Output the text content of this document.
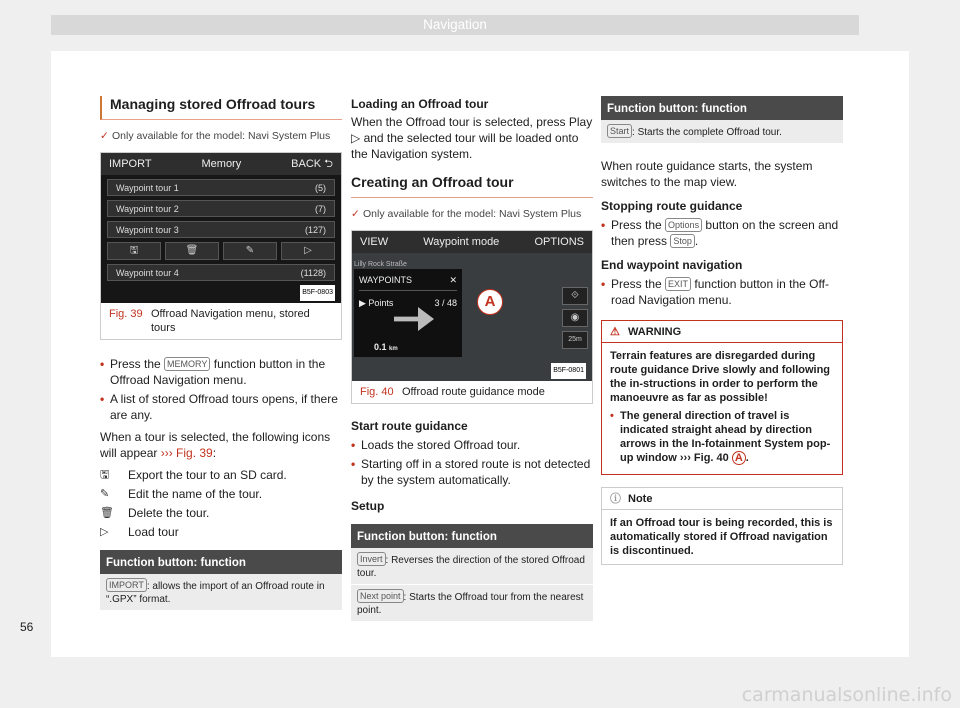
Navigation
Managing stored Offroad tours
✓ Only available for the model: Navi System Plus
IMPORT	Memory	BACK ⮌
Waypoint tour 1	(5)
Waypoint tour 2	(7)
Waypoint tour 3	(127)
🖫	🗑	✎	▷
Waypoint tour 4	(1128)
B5F-0803
Fig. 39 Offroad Navigation menu, stored tours
• Press the MEMORY function button in the Offroad Navigation menu.
• A list of stored Offroad tours opens, if there are any.

When a tour is selected, the following icons will appear ››› Fig. 39:

🖫	Export the tour to an SD card.
✎	Edit the name of the tour.
🗑	Delete the tour.
▷	Load tour
Function button: function
IMPORT : allows the import of an Offroad route in “.GPX” format.
Loading an Offroad tour

When the Offroad tour is selected, press Play ▷ and the selected tour will be loaded onto the Navigation system.

Creating an Offroad tour
✓ Only available for the model: Navi System Plus
VIEW	Waypoint mode	OPTIONS
Lilly Rock Straße
WAYPOINTS	✕
▶ Points	3 / 48
0.1 km
A	⟐
◉
25m
B5F-0801
Fig. 40 Offroad route guidance mode
Start route guidance
• Loads the stored Offroad tour.
• Starting off in a stored route is not detected by the system automatically.
Setup
Function button: function
Invert : Reverses the direction of the stored Offroad tour.
Next point : Starts the Offroad tour from the nearest point.
Function button: function
Start : Starts the complete Offroad tour.

When route guidance starts, the system switches to the map view.

Stopping route guidance
• Press the Options button on the screen and then press Stop .
End waypoint navigation
• Press the EXIT function button in the Off-road Navigation menu.
⚠ WARNING
Terrain features are disregarded during route guidance Drive slowly and following the in-structions in order to perform the manoeuvre as far as possible!
• The general direction of travel is indicated straight ahead by direction arrows in the In-fotainment System pop-up window ››› Fig. 40 A .
ⓘ Note
If an Offroad tour is being recorded, this is automatically stored if Offroad navigation is discontinued.
56
carmanualsonline.info
